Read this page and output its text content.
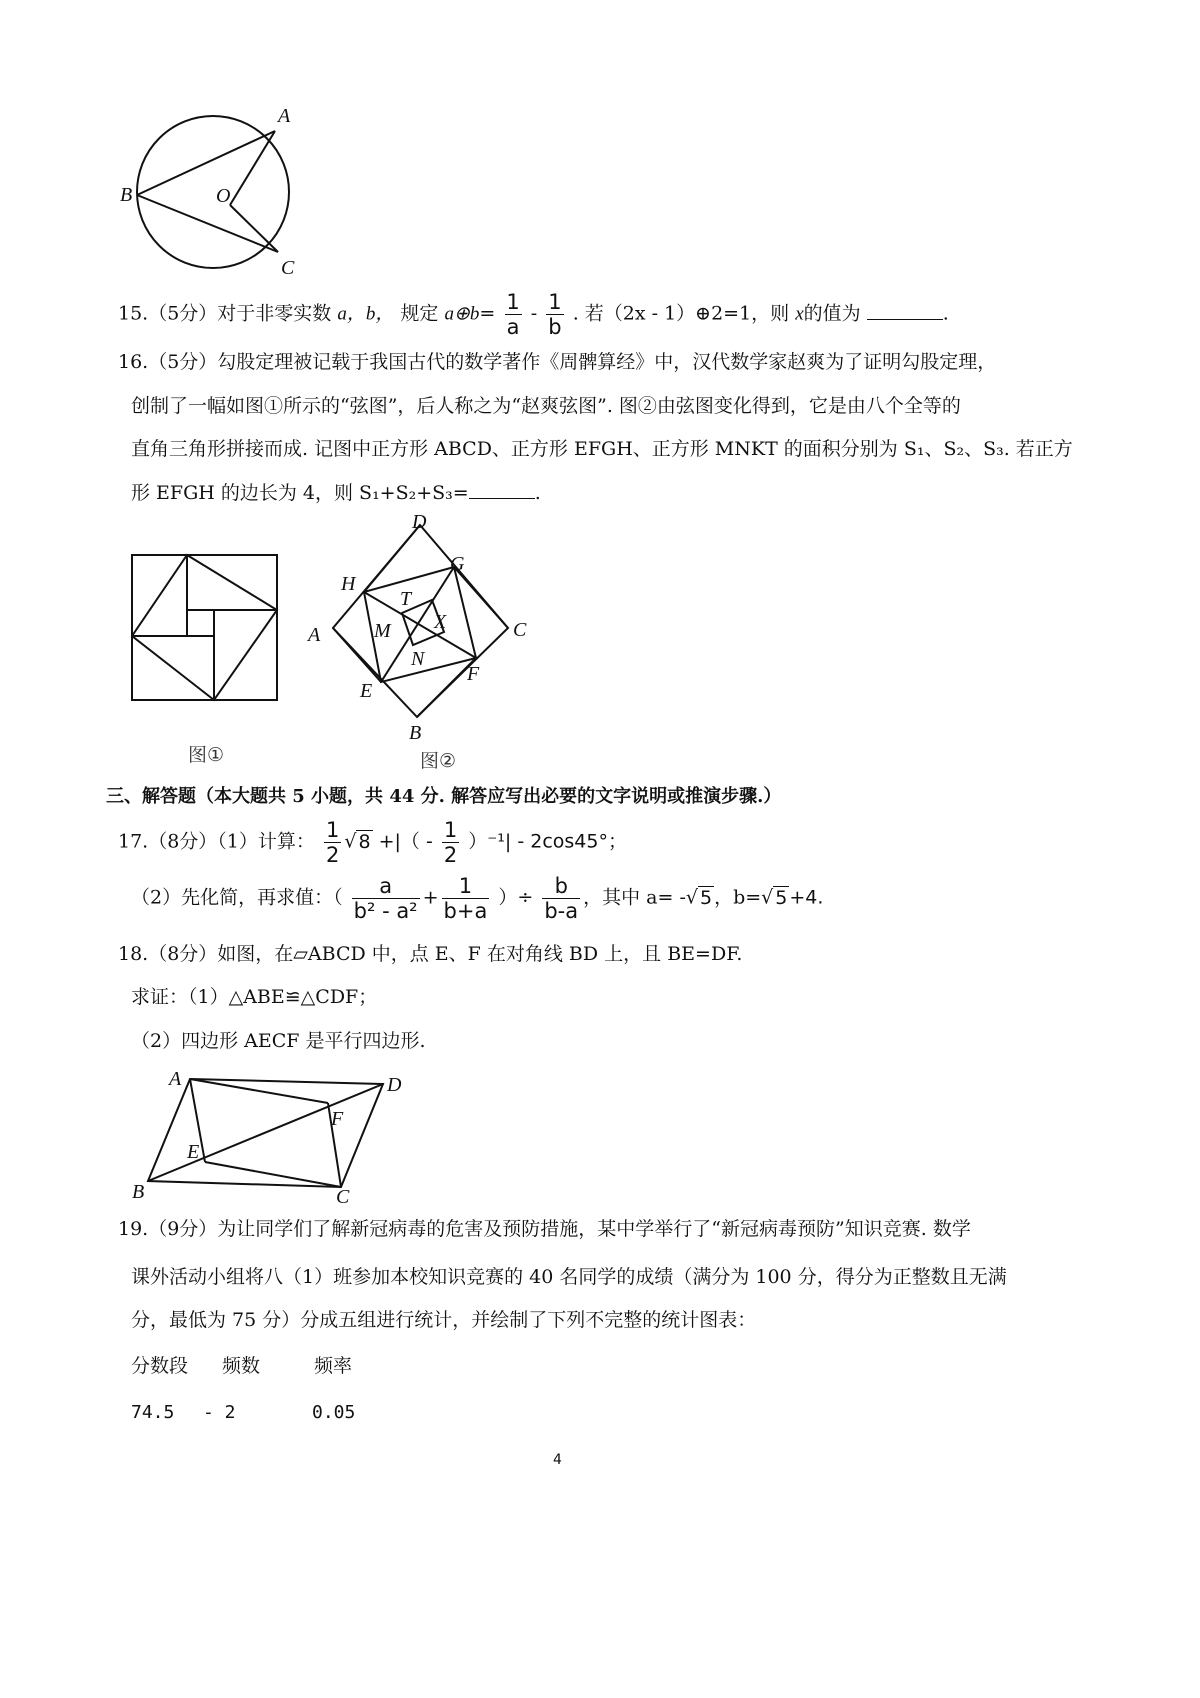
A
B	O
C
15.（5分）对于非零实数 a，b， 规定 a⊕b= $\frac{1}{a} - \frac{1}{b}$ . 若（2x - 1）⊕2=1，则 x的值为	.
16.（5分）勾股定理被记载于我国古代的数学著作《周髀算经》中，汉代数学家赵爽为了证明勾股定理，
创制了一幅如图①所示的“弦图”，后人称之为“赵爽弦图”. 图②由弦图变化得到，它是由八个全等的
直角三角形拼接而成. 记图中正方形 ABCD、正方形 EFGH、正方形 MNKT 的面积分别为 S₁、S₂、S₃. 若正方
形 EFGH 的边长为 4，则 S₁+S₂+S₃=	.
图①
D
G
H
T
X
A	M	C
N
F
E
B
图②
三、解答题（本大题共 5 小题，共 44 分. 解答应写出必要的文字说明或推演步骤.）
17.（8分）（1）计算： $\frac{1}{2}$ √ 8 +|（ - $\frac{1}{2} )^{-1}| - 2\cos 45^\circ$；
（2）先化简，再求值：（ $\frac{a}{\text{b² - a²}} + \frac{1}{b+a}$ ）÷ $\frac{b}{b-a}$ ，其中 a= -√ 5 ，b=√ 5 +4.
18.（8分）如图，在▱ABCD 中，点 E、F 在对角线 BD 上，且 BE=DF.
求证：（1）△ABE≌△CDF；
（2）四边形 AECF 是平行四边形.
A	D
F
E
B	C
19.（9分）为让同学们了解新冠病毒的危害及预防措施，某中学举行了“新冠病毒预防”知识竞赛. 数学
课外活动小组将八（1）班参加本校知识竞赛的 40 名同学的成绩（满分为 100 分，得分为正整数且无满
分，最低为 75 分）分成五组进行统计，并绘制了下列不完整的统计图表：
分数段 频数	频率
74.5 - 2	0.05
4
